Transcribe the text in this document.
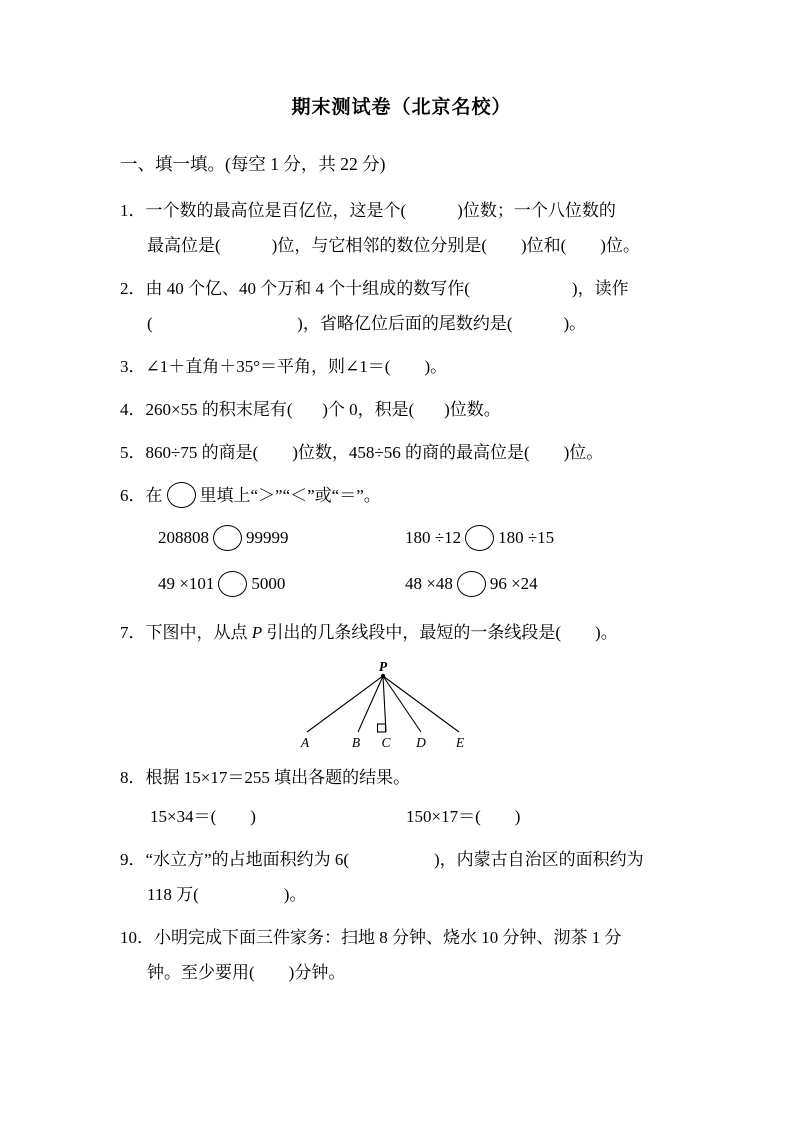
期末测试卷（北京名校）
一、填一填。(每空 1 分，共 22 分)
1．一个数的最高位是百亿位，这是个(            )位数；一个八位数的
最高位是(            )位，与它相邻的数位分别是(        )位和(        )位。
2．由 40 个亿、40 个万和 4 个十组成的数写作(                        )，读作
(                                  )，省略亿位后面的尾数约是(            )。
3．∠1＋直角＋35°＝平角，则∠1＝(        )。
4．260×55 的积末尾有(       )个 0，积是(       )位数。
5．860÷75 的商是(        )位数，458÷56 的商的最高位是(        )位。
6．在 里填上“＞”“＜”或“＝”。
208808 99999	180 ÷12 180 ÷15
49 ×101 5000	48 ×48 96 ×24
7．下图中，从点 P 引出的几条线段中，最短的一条线段是(        )。
P
A	B C D E
8．根据 15×17＝255 填出各题的结果。
15×34＝(        )	150×17＝(        )
9．“水立方”的占地面积约为 6(                    )，内蒙古自治区的面积约为
118 万(                    )。
10．小明完成下面三件家务：扫地 8 分钟、烧水 10 分钟、沏茶 1 分
钟。至少要用(        )分钟。
